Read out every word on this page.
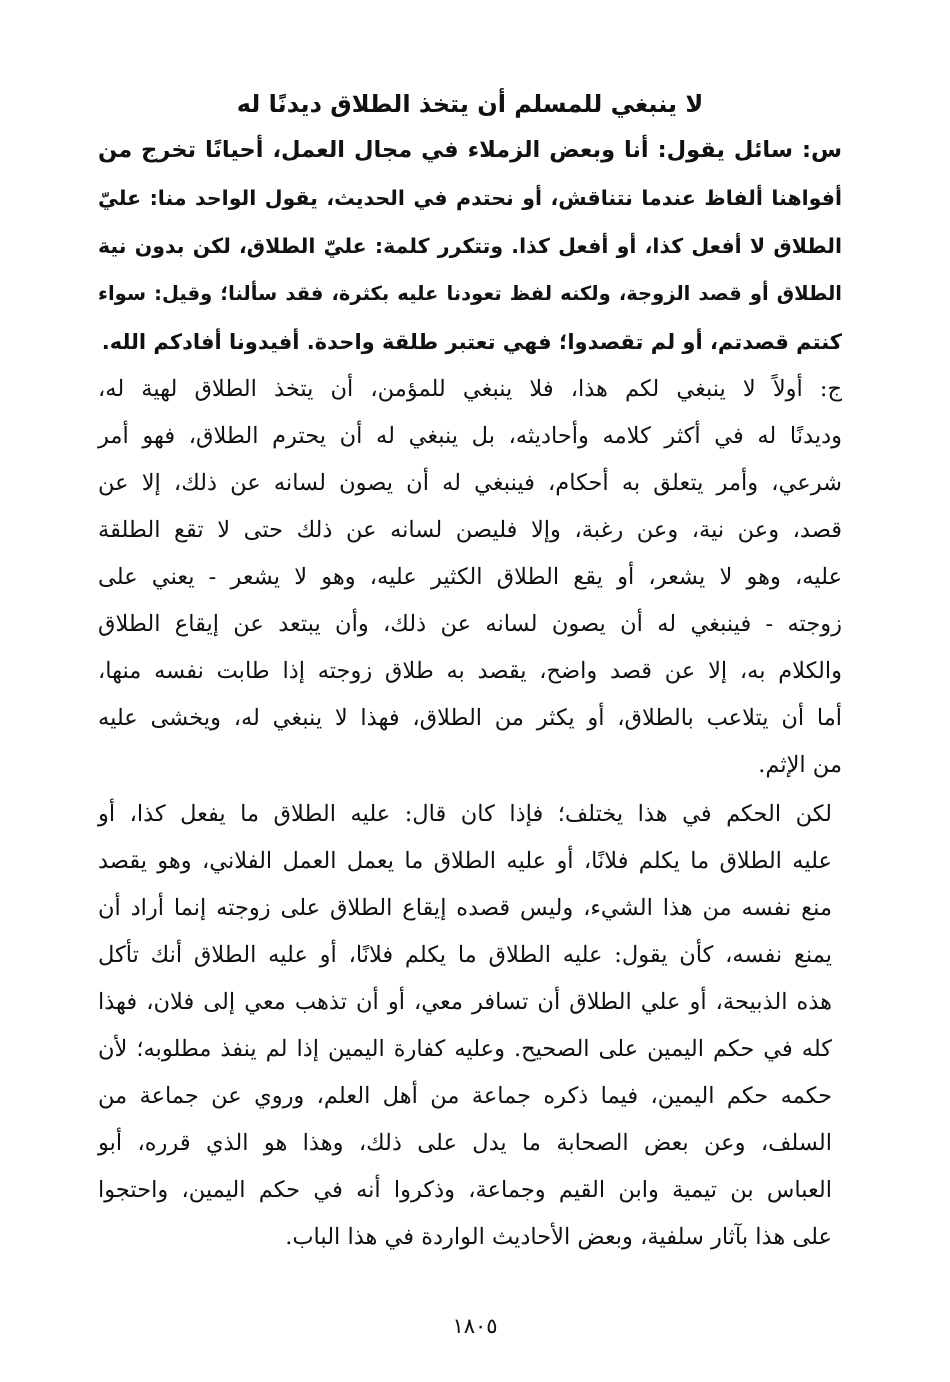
لا ينبغي للمسلم أن يتخذ الطلاق ديدنًا له

س: سائل يقول: أنا وبعض الزملاء في مجال العمل، أحيانًا تخرج من
أفواهنا ألفاظ عندما نتناقش، أو نحتدم في الحديث، يقول الواحد منا: عليّ
الطلاق لا أفعل كذا، أو أفعل كذا. وتتكرر كلمة: عليّ الطلاق، لكن بدون نية
الطلاق أو قصد الزوجة، ولكنه لفظ تعودنا عليه بكثرة، فقد سألنا؛ وقيل: سواء
كنتم قصدتم، أو لم تقصدوا؛ فهي تعتبر طلقة واحدة. أفيدونا أفادكم الله.

ج: أولاً لا ينبغي لكم هذا، فلا ينبغي للمؤمن، أن يتخذ الطلاق لهية له،
وديدنًا له في أكثر كلامه وأحاديثه، بل ينبغي له أن يحترم الطلاق، فهو أمر
شرعي، وأمر يتعلق به أحكام، فينبغي له أن يصون لسانه عن ذلك، إلا عن
قصد، وعن نية، وعن رغبة، وإلا فليصن لسانه عن ذلك حتى لا تقع الطلقة
عليه، وهو لا يشعر، أو يقع الطلاق الكثير عليه، وهو لا يشعر - يعني على
زوجته - فينبغي له أن يصون لسانه عن ذلك، وأن يبتعد عن إيقاع الطلاق
والكلام به، إلا عن قصد واضح، يقصد به طلاق زوجته إذا طابت نفسه منها،
أما أن يتلاعب بالطلاق، أو يكثر من الطلاق، فهذا لا ينبغي له، ويخشى عليه
من الإثم.

لكن الحكم في هذا يختلف؛ فإذا كان قال: عليه الطلاق ما يفعل كذا، أو
عليه الطلاق ما يكلم فلانًا، أو عليه الطلاق ما يعمل العمل الفلاني، وهو يقصد
منع نفسه من هذا الشيء، وليس قصده إيقاع الطلاق على زوجته إنما أراد أن
يمنع نفسه، كأن يقول: عليه الطلاق ما يكلم فلانًا، أو عليه الطلاق أنك تأكل
هذه الذبيحة، أو علي الطلاق أن تسافر معي، أو أن تذهب معي إلى فلان، فهذا
كله في حكم اليمين على الصحيح. وعليه كفارة اليمين إذا لم ينفذ مطلوبه؛ لأن
حكمه حكم اليمين، فيما ذكره جماعة من أهل العلم، وروي عن جماعة من
السلف، وعن بعض الصحابة ما يدل على ذلك، وهذا هو الذي قرره، أبو
العباس بن تيمية وابن القيم وجماعة، وذكروا أنه في حكم اليمين، واحتجوا
على هذا بآثار سلفية، وبعض الأحاديث الواردة في هذا الباب.

١٨٠٥
